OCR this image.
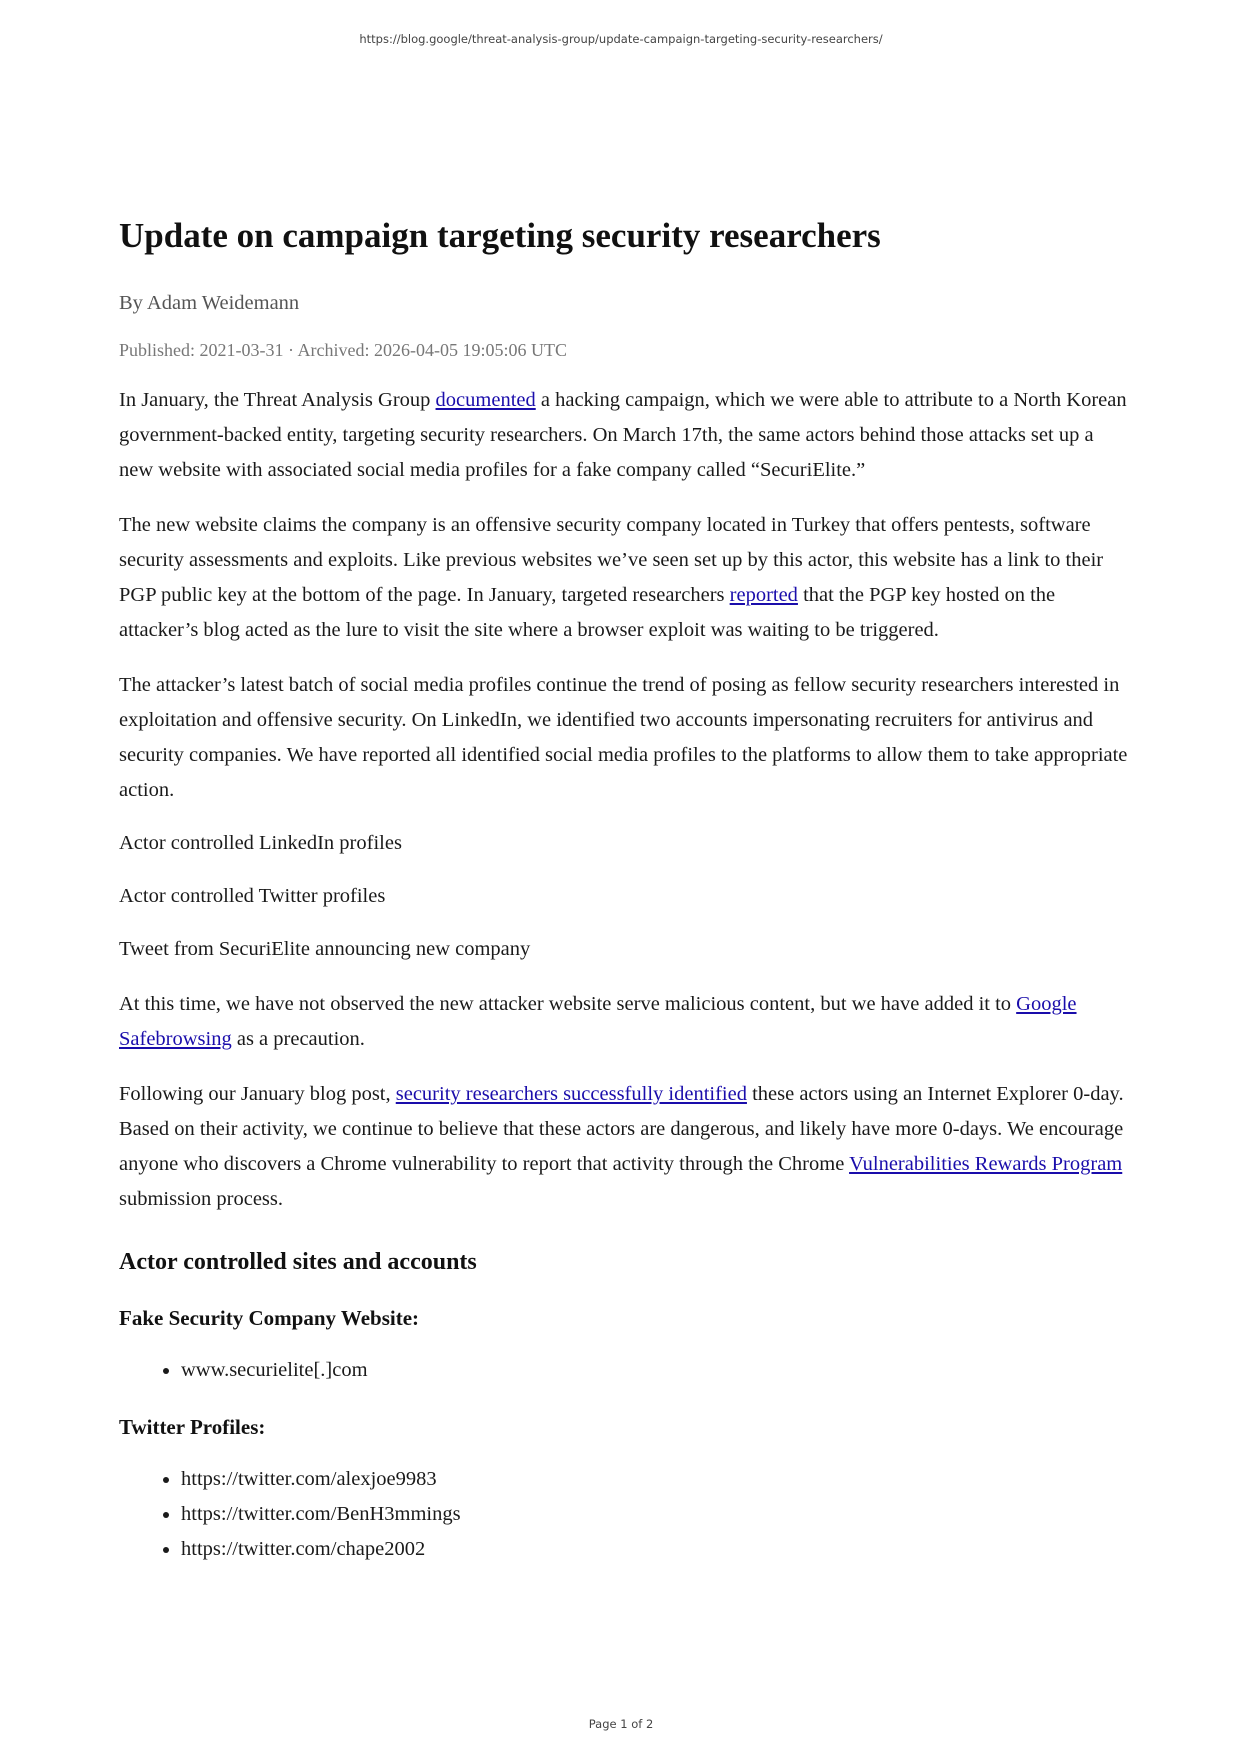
https://blog.google/threat-analysis-group/update-campaign-targeting-security-researchers/
Update on campaign targeting security researchers
By Adam Weidemann
Published: 2021-03-31 · Archived: 2026-04-05 19:05:06 UTC

In January, the Threat Analysis Group documented a hacking campaign, which we were able to attribute to a North Korean government-backed entity, targeting security researchers. On March 17th, the same actors behind those attacks set up a new website with associated social media profiles for a fake company called “SecuriElite.”

The new website claims the company is an offensive security company located in Turkey that offers pentests, software security assessments and exploits. Like previous websites we’ve seen set up by this actor, this website has a link to their PGP public key at the bottom of the page. In January, targeted researchers reported that the PGP key hosted on the attacker’s blog acted as the lure to visit the site where a browser exploit was waiting to be triggered.

The attacker’s latest batch of social media profiles continue the trend of posing as fellow security researchers interested in exploitation and offensive security. On LinkedIn, we identified two accounts impersonating recruiters for antivirus and security companies. We have reported all identified social media profiles to the platforms to allow them to take appropriate action.

Actor controlled LinkedIn profiles

Actor controlled Twitter profiles

Tweet from SecuriElite announcing new company

At this time, we have not observed the new attacker website serve malicious content, but we have added it to Google Safebrowsing as a precaution.

Following our January blog post, security researchers successfully identified these actors using an Internet Explorer 0-day. Based on their activity, we continue to believe that these actors are dangerous, and likely have more 0-days. We encourage anyone who discovers a Chrome vulnerability to report that activity through the Chrome Vulnerabilities Rewards Program submission process.

Actor controlled sites and accounts
Fake Security Company Website:
• www.securielite[.]com
Twitter Profiles:
• https://twitter.com/alexjoe9983
• https://twitter.com/BenH3mmings
• https://twitter.com/chape2002
Page 1 of 2
